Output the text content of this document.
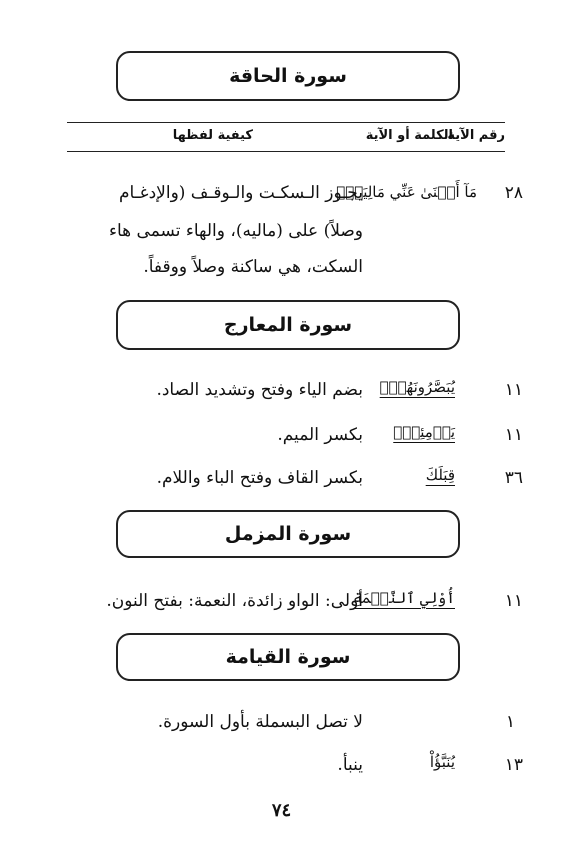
سورة الحاقة
رقم الآية
الكلمة أو الآية
كيفية لفظها
٢٨
مَآ أَغۡنَىٰ عَنِّي مَالِيَهۡۜ
يجـوز الـسكـت والـوقـف (والإدغـام
وصلاً) على (ماليه)، والهاء تسمى هاء
السكت، هي ساكنة وصلاً ووقفاً.
سورة المعارج
١١
يُبَصَّرُونَهُمۡۚ
بضم الياء وفتح وتشديد الصاد.
١١
يَوۡمِئِذِۭ
بكسر الميم.
٣٦
قِبَلَكَ
بكسر القاف وفتح الباء واللام.
سورة المزمل
١١
أُوْلِي ٱلنَّعۡمَةِ
أولى: الواو زائدة، النعمة: بفتح النون.
سورة القيامة
١
لا تصل البسملة بأول السورة.
١٣
يُنَبَّؤُاْ
ينبأ.
٧٤
